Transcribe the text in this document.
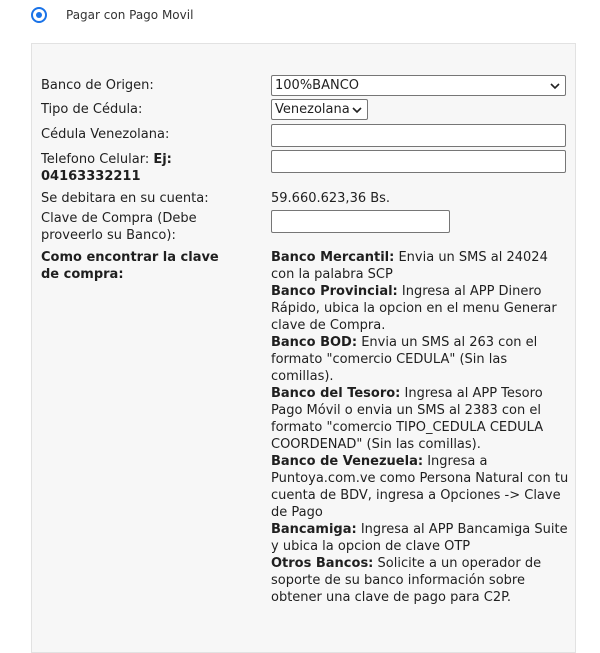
Pagar con Pago Movil
Banco de Origen:	100%BANCO
Tipo de Cédula:	Venezolana
Cédula Venezolana:
Telefono Celular: Ej: 04163332211
Se debitara en su cuenta:	59.660.623,36 Bs.
Clave de Compra (Debe proveerlo su Banco):
Como encontrar la clave de compra:

Banco Mercantil: Envia un SMS al 24024 con la palabra SCP

Banco Provincial: Ingresa al APP Dinero Rápido, ubica la opcion en el menu Generar clave de Compra.

Banco BOD: Envia un SMS al 263 con el formato "comercio CEDULA" (Sin las comillas).

Banco del Tesoro: Ingresa al APP Tesoro Pago Móvil o envia un SMS al 2383 con el formato "comercio TIPO_CEDULA CEDULA COORDENAD" (Sin las comillas).

Banco de Venezuela: Ingresa a Puntoya.com.ve como Persona Natural con tu cuenta de BDV, ingresa a Opciones -> Clave de Pago

Bancamiga: Ingresa al APP Bancamiga Suite y ubica la opcion de clave OTP

Otros Bancos: Solicite a un operador de soporte de su banco información sobre obtener una clave de pago para C2P.
